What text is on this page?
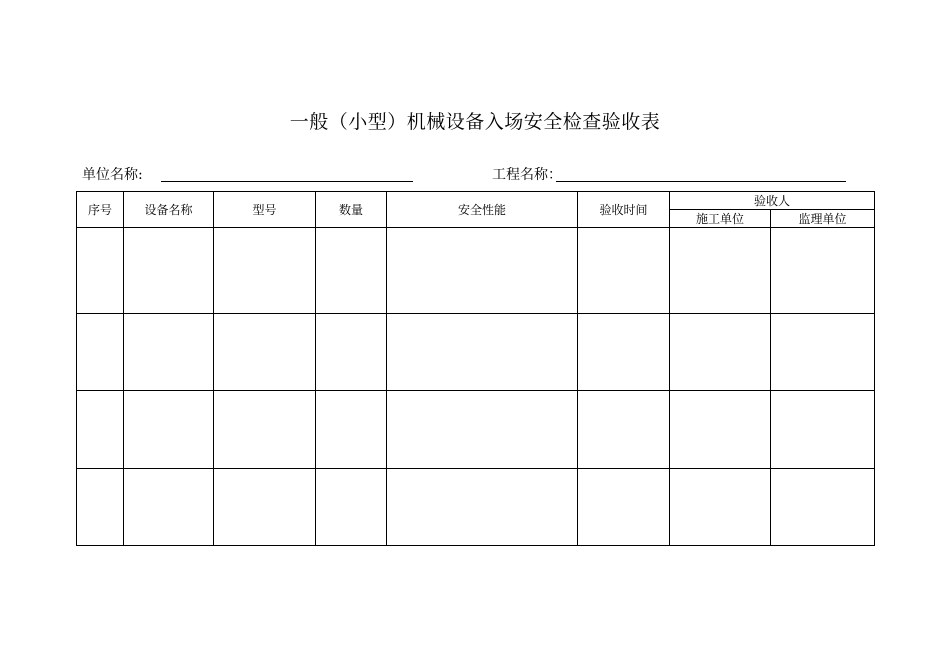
一般（小型）机械设备入场安全检查验收表
单位名称:	工程名称：
序号	设备名称	型号	数量	安全性能	验收时间	验收人	
						施工单位	监理单位
